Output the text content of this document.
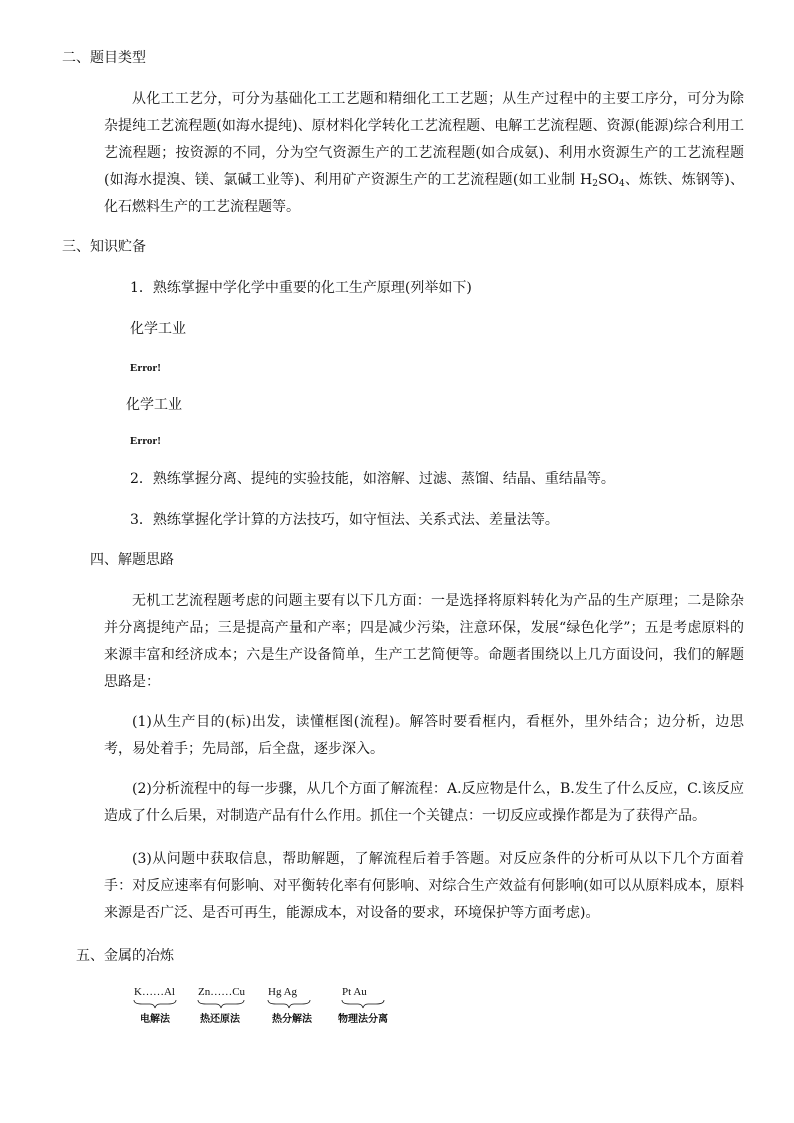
二、题目类型
从化工工艺分，可分为基础化工工艺题和精细化工工艺题；从生产过程中的主要工序分，可分为除杂提纯工艺流程题(如海水提纯)、原材料化学转化工艺流程题、电解工艺流程题、资源(能源)综合利用工艺流程题；按资源的不同，分为空气资源生产的工艺流程题(如合成氨)、利用水资源生产的工艺流程题(如海水提溴、镁、氯碱工业等)、利用矿产资源生产的工艺流程题(如工业制 $H_2SO_4$、炼铁、炼钢等)、化石燃料生产的工艺流程题等。
三、知识贮备
1．熟练掌握中学化学中重要的化工生产原理(列举如下)
化学工业
Error!
化学工业
Error!
2．熟练掌握分离、提纯的实验技能，如溶解、过滤、蒸馏、结晶、重结晶等。
3．熟练掌握化学计算的方法技巧，如守恒法、关系式法、差量法等。
四、解题思路
无机工艺流程题考虑的问题主要有以下几方面：一是选择将原料转化为产品的生产原理；二是除杂并分离提纯产品；三是提高产量和产率；四是减少污染，注意环保，发展“绿色化学”；五是考虑原料的来源丰富和经济成本；六是生产设备简单，生产工艺简便等。命题者围绕以上几方面设问，我们的解题思路是：
(1)从生产目的(标)出发，读懂框图(流程)。解答时要看框内，看框外，里外结合；边分析，边思考，易处着手；先局部，后全盘，逐步深入。
(2)分析流程中的每一步骤，从几个方面了解流程：A.反应物是什么，B.发生了什么反应，C.该反应造成了什么后果，对制造产品有什么作用。抓住一个关键点：一切反应或操作都是为了获得产品。
(3)从问题中获取信息，帮助解题，了解流程后着手答题。对反应条件的分析可从以下几个方面着手：对反应速率有何影响、对平衡转化率有何影响、对综合生产效益有何影响(如可以从原料成本，原料来源是否广泛、是否可再生，能源成本，对设备的要求，环境保护等方面考虑)。
五、金属的冶炼
K……Al Zn……Cu Hg Ag	Pt Au
电解法	热还原法	热分解法	物理法分离
